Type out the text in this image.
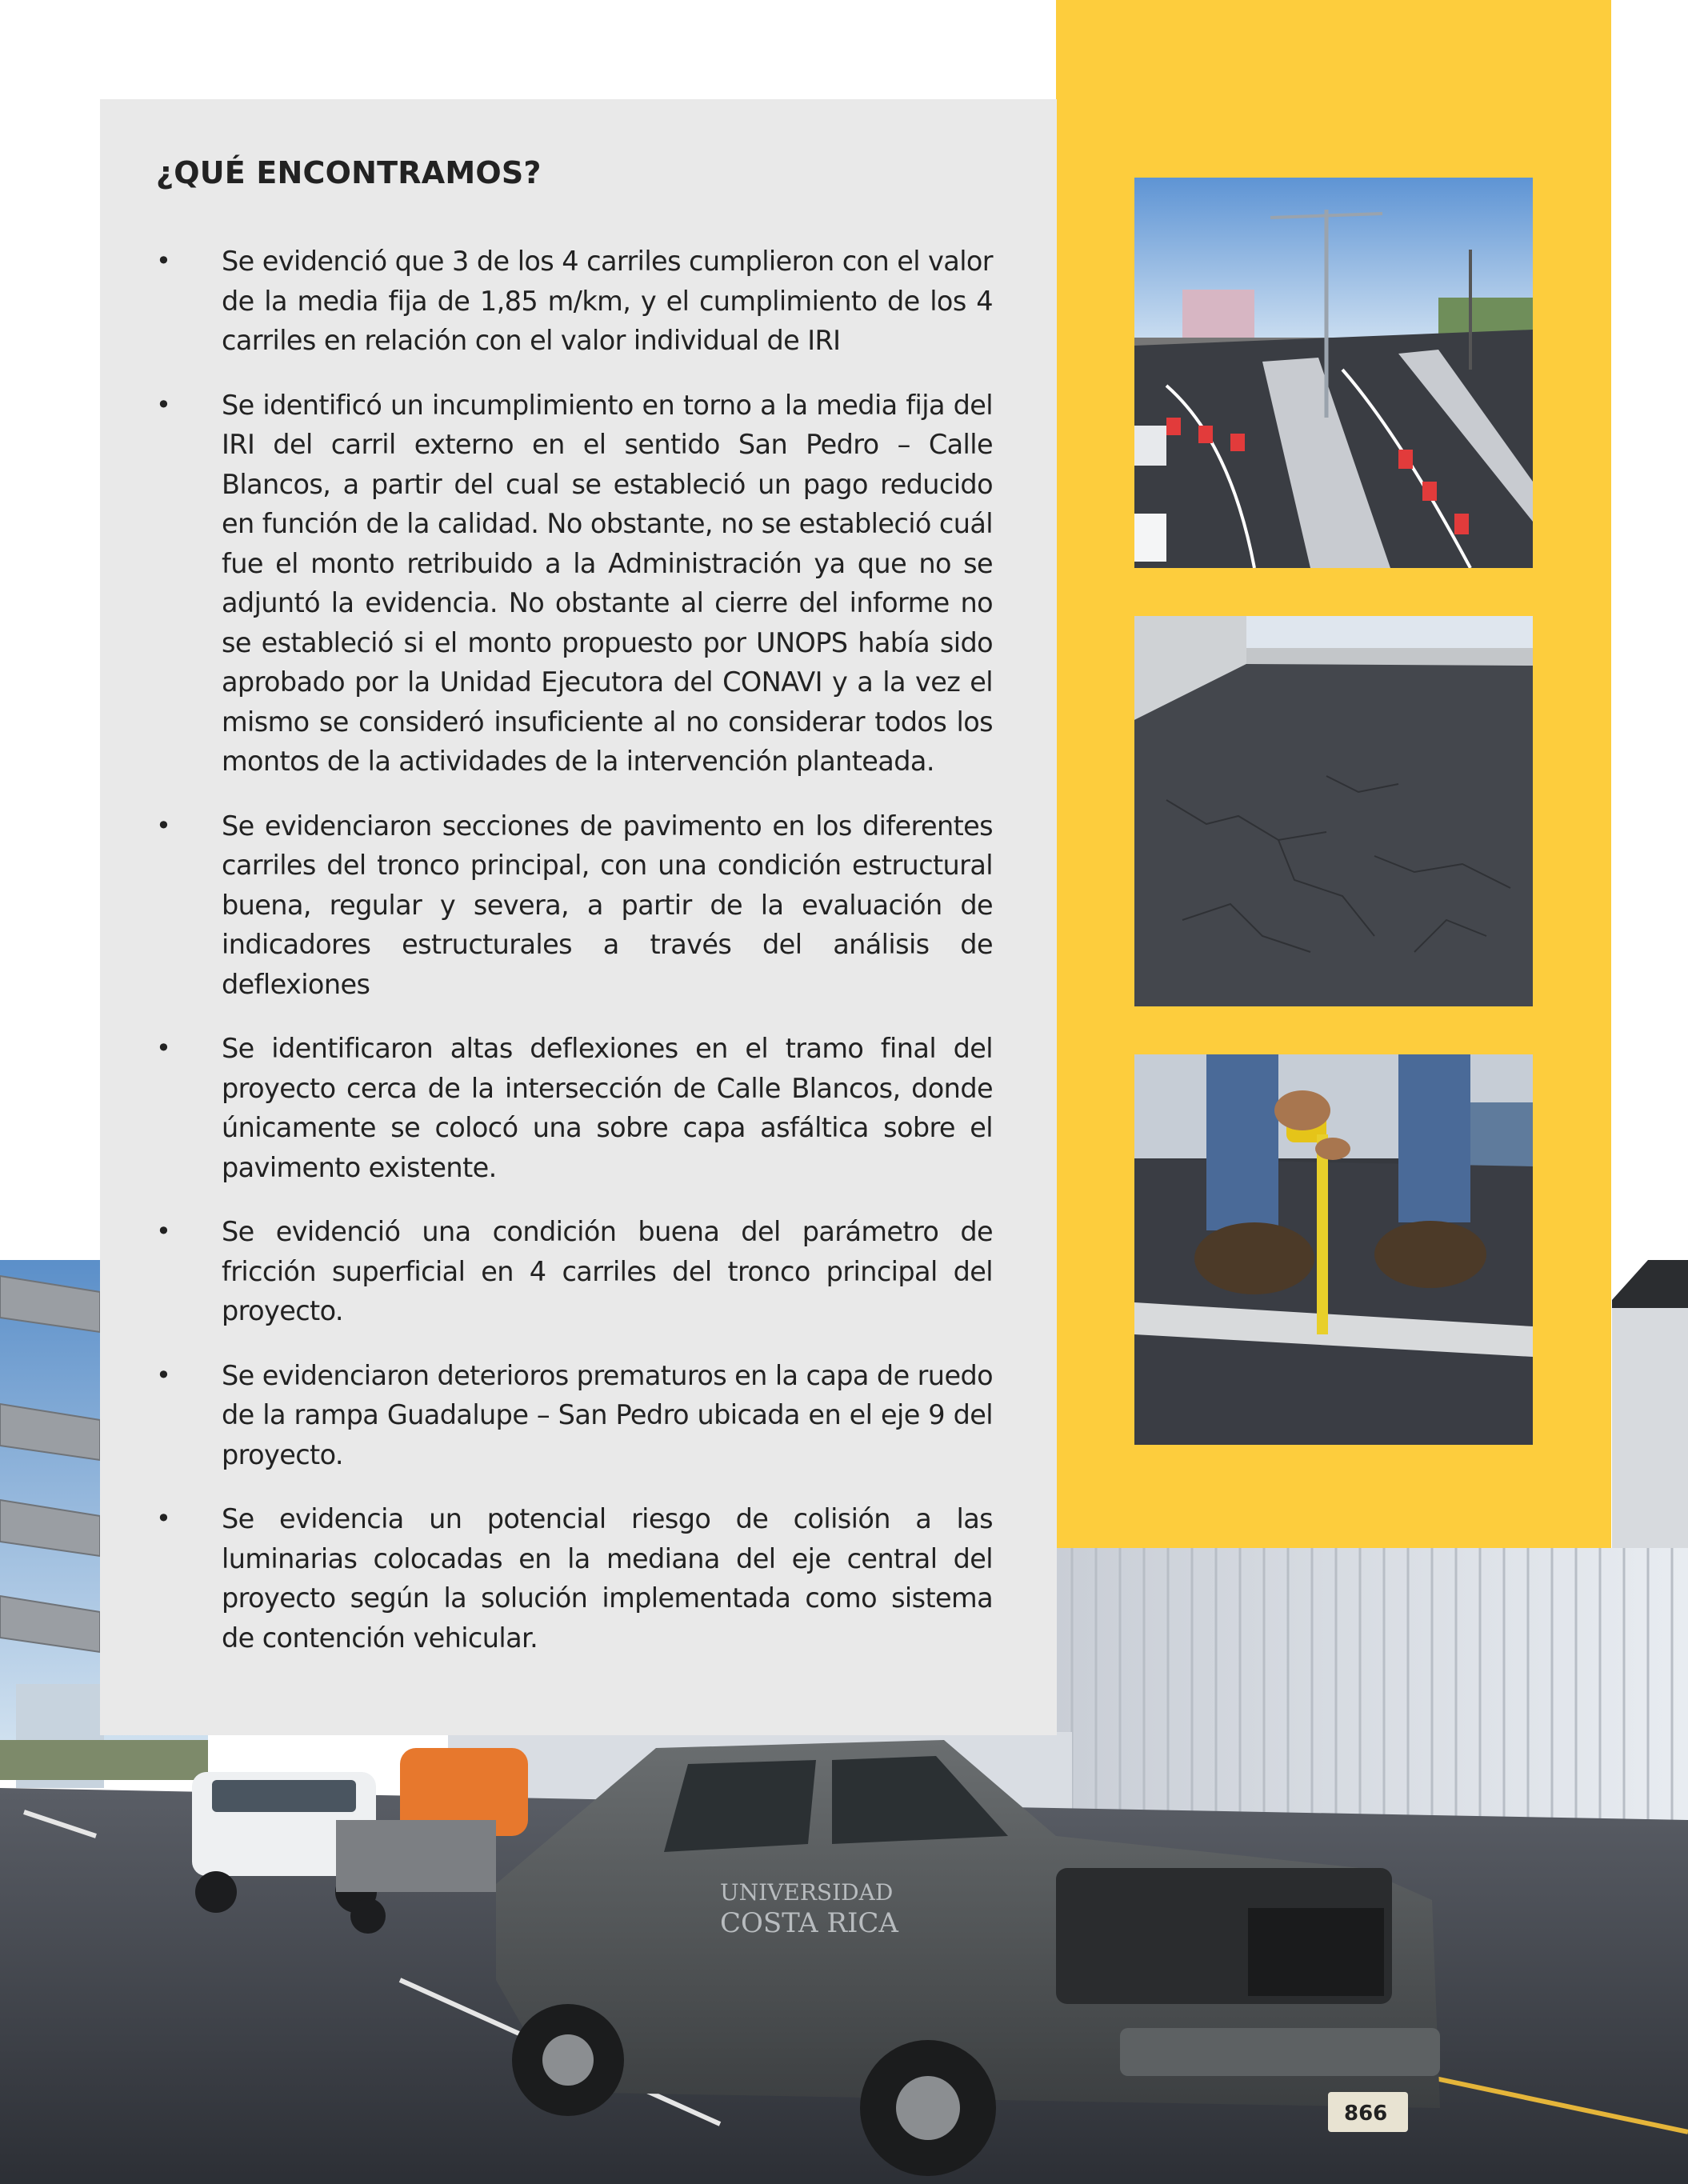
UNIVERSIDAD
COSTA RICA
866
¿QUÉ ENCONTRAMOS?
• Se evidenció que 3 de los 4 carriles cumplieron con el valor de la media fija de 1,85 m/km, y el cumplimiento de los 4 carriles en relación con el valor individual de IRI
• Se identificó un incumplimiento en torno a la media fija del IRI del carril externo en el sentido San Pedro – Calle Blancos, a partir del cual se estableció un pago reducido en función de la calidad. No obstante, no se estableció cuál fue el monto retribuido a la Administración ya que no se adjuntó la evidencia. No obstante al cierre del informe no se estableció si el monto propuesto por UNOPS había sido aprobado por la Unidad Ejecutora del CONAVI y a la vez el mismo se consideró insuficiente al no considerar todos los montos de la actividades de la intervención planteada.
• Se evidenciaron secciones de pavimento en los diferentes carriles del tronco principal, con una condición estructural buena, regular y severa, a partir de la evaluación de indicadores estructurales a través del análisis de deflexiones
• Se identificaron altas deflexiones en el tramo final del proyecto cerca de la intersección de Calle Blancos, donde únicamente se colocó una sobre capa asfáltica sobre el pavimento existente.
• Se evidenció una condición buena del parámetro de fricción superficial en 4 carriles del tronco principal del proyecto.
• Se evidenciaron deterioros prematuros en la capa de ruedo de la rampa Guadalupe – San Pedro ubicada en el eje 9 del proyecto.
• Se evidencia un potencial riesgo de colisión a las luminarias colocadas en la mediana del eje central del proyecto según la solución implementada como sistema de contención vehicular.
